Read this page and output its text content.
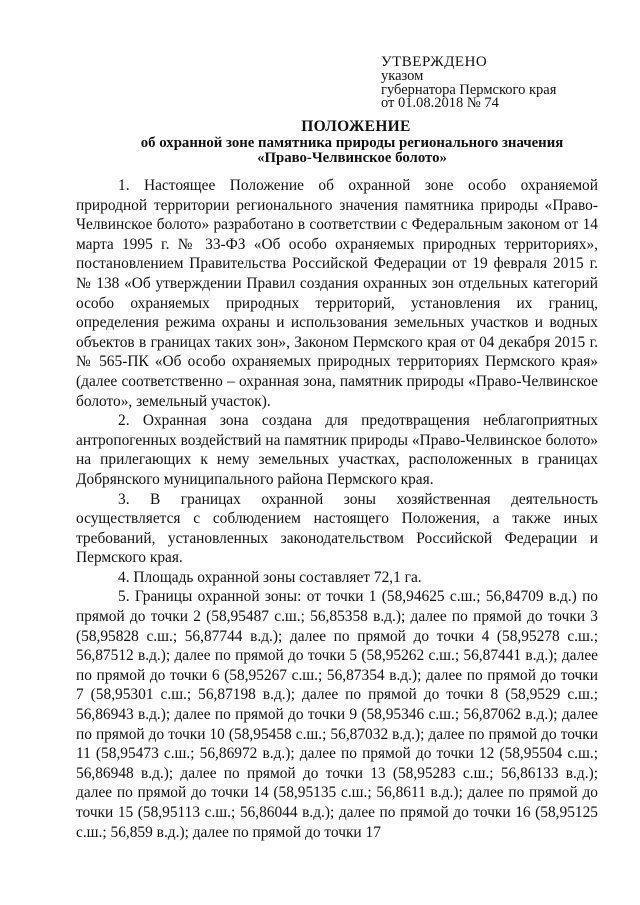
УТВЕРЖДЕНО
указом
губернатора Пермского края
от 01.08.2018 № 74
ПОЛОЖЕНИЕ
об охранной зоне памятника природы регионального значения
«Право-Челвинское болото»

1. Настоящее Положение об охранной зоне особо охраняемой природной территории регионального значения памятника природы «Право-Челвинское болото» разработано в соответствии с Федеральным законом от 14 марта 1995 г. № 33-ФЗ «Об особо охраняемых природных территориях», постановлением Правительства Российской Федерации от 19 февраля 2015 г. № 138 «Об утверждении Правил создания охранных зон отдельных категорий особо охраняемых природных территорий, установления их границ, определения режима охраны и использования земельных участков и водных объектов в границах таких зон», Законом Пермского края от 04 декабря 2015 г. № 565-ПК «Об особо охраняемых природных территориях Пермского края» (далее соответственно – охранная зона, памятник природы «Право-Челвинское болото», земельный участок).

2. Охранная зона создана для предотвращения неблагоприятных антропогенных воздействий на памятник природы «Право-Челвинское болото» на прилегающих к нему земельных участках, расположенных в границах Добрянского муниципального района Пермского края.

3. В границах охранной зоны хозяйственная деятельность осуществляется с соблюдением настоящего Положения, а также иных требований, установленных законодательством Российской Федерации и Пермского края.

4. Площадь охранной зоны составляет 72,1 га.

5. Границы охранной зоны: от точки 1 (58,94625 с.ш.; 56,84709 в.д.) по прямой до точки 2 (58,95487 с.ш.; 56,85358 в.д.); далее по прямой до точки 3 (58,95828 с.ш.; 56,87744 в.д.); далее по прямой до точки 4 (58,95278 с.ш.; 56,87512 в.д.); далее по прямой до точки 5 (58,95262 с.ш.; 56,87441 в.д.); далее по прямой до точки 6 (58,95267 с.ш.; 56,87354 в.д.); далее по прямой до точки 7 (58,95301 с.ш.; 56,87198 в.д.); далее по прямой до точки 8 (58,9529 с.ш.; 56,86943 в.д.); далее по прямой до точки 9 (58,95346 с.ш.; 56,87062 в.д.); далее по прямой до точки 10 (58,95458 с.ш.; 56,87032 в.д.); далее по прямой до точки 11 (58,95473 с.ш.; 56,86972 в.д.); далее по прямой до точки 12 (58,95504 с.ш.; 56,86948 в.д.); далее по прямой до точки 13 (58,95283 с.ш.; 56,86133 в.д.); далее по прямой до точки 14 (58,95135 с.ш.; 56,8611 в.д.); далее по прямой до точки 15 (58,95113 с.ш.; 56,86044 в.д.); далее по прямой до точки 16 (58,95125 с.ш.; 56,859 в.д.); далее по прямой до точки 17
